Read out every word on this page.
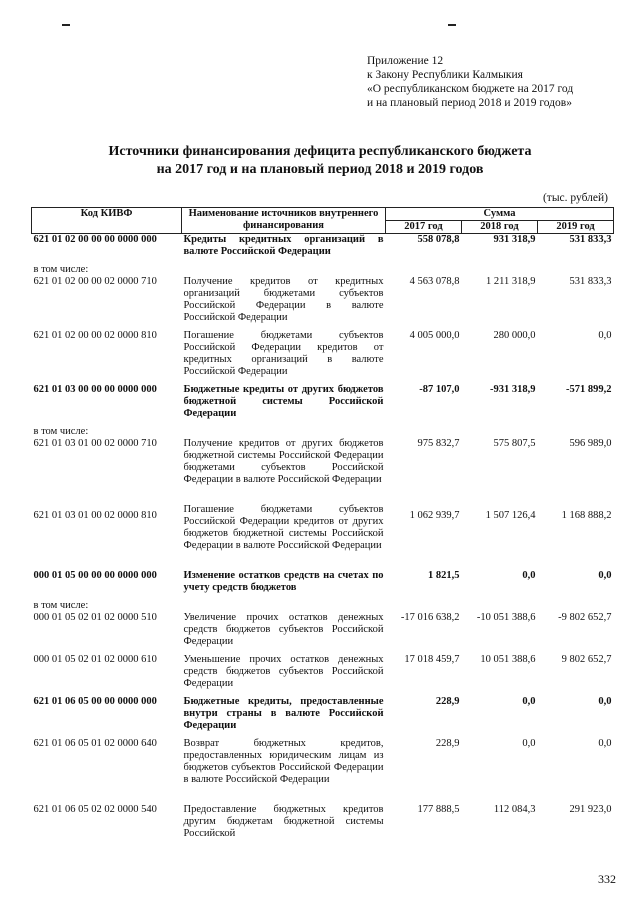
Приложение 12
к Закону Республики Калмыкия
«О республиканском бюджете на 2017 год
и на плановый период 2018 и 2019 годов»
Источники финансирования дефицита республиканского бюджета
на 2017 год и на плановый период 2018 и 2019 годов
(тыс. рублей)
Код КИВФ	Наименование источников внутреннего финансирования	Сумма		
		2017 год	2018 год	2019 год
621 01 02 00 00 00 0000 000	Кредиты кредитных организаций в валюте Российской Федерации	558 078,8	931 318,9	531 833,3
в том числе:				
621 01 02 00 00 02 0000 710	Получение кредитов от кредитных организаций бюджетами субъектов Российской Федерации в валюте Российской Федерации	4 563 078,8	1 211 318,9	531 833,3
621 01 02 00 00 02 0000 810	Погашение бюджетами субъектов Российской Федерации кредитов от кредитных организаций в валюте Российской Федерации	4 005 000,0	280 000,0	0,0
621 01 03 00 00 00 0000 000	Бюджетные кредиты от других бюджетов бюджетной системы Российской Федерации	-87 107,0	-931 318,9	-571 899,2
в том числе:				
621 01 03 01 00 02 0000 710	Получение кредитов от других бюджетов бюджетной системы Российской Федерации бюджетами субъектов Российской Федерации в валюте Российской Федерации	975 832,7	575 807,5	596 989,0
621 01 03 01 00 02 0000 810	Погашение бюджетами субъектов Российской Федерации кредитов от других бюджетов бюджетной системы Российской Федерации в валюте Российской Федерации	1 062 939,7	1 507 126,4	1 168 888,2
000 01 05 00 00 00 0000 000	Изменение остатков средств на счетах по учету средств бюджетов	1 821,5	0,0	0,0
в том числе:				
000 01 05 02 01 02 0000 510	Увеличение прочих остатков денежных средств бюджетов субъектов Российской Федерации	-17 016 638,2	-10 051 388,6	-9 802 652,7
000 01 05 02 01 02 0000 610	Уменьшение прочих остатков денежных средств бюджетов субъектов Российской Федерации	17 018 459,7	10 051 388,6	9 802 652,7
621 01 06 05 00 00 0000 000	Бюджетные кредиты, предоставленные внутри страны в валюте Российской Федерации	228,9	0,0	0,0
621 01 06 05 01 02 0000 640	Возврат бюджетных кредитов, предоставленных юридическим лицам из бюджетов субъектов Российской Федерации в валюте Российской Федерации	228,9	0,0	0,0
621 01 06 05 02 02 0000 540	Предоставление бюджетных кредитов другим бюджетам бюджетной системы Российской	177 888,5	112 084,3	291 923,0
332
